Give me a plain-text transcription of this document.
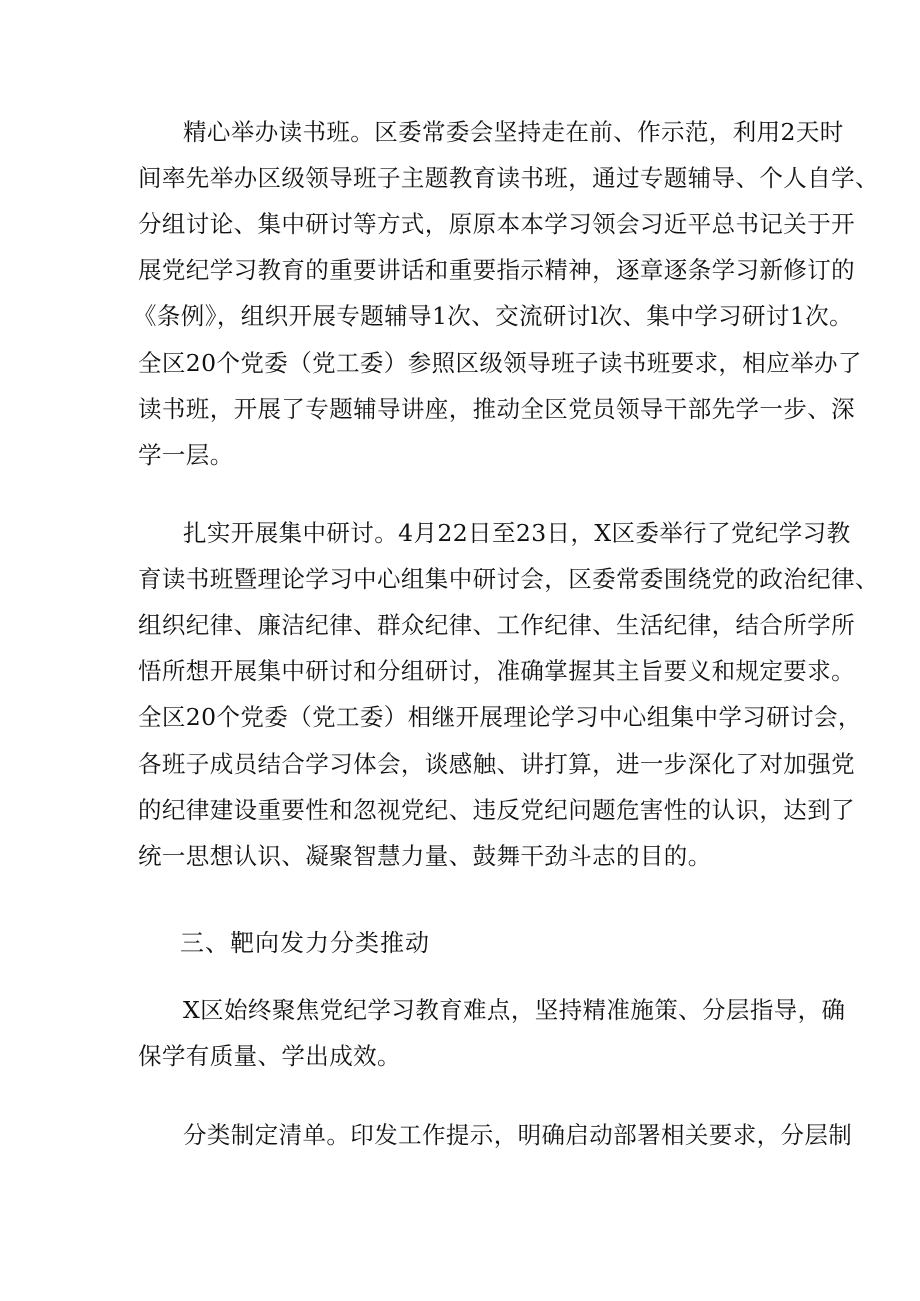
精心举办读书班。区委常委会坚持走在前、作示范，利用2天时
间率先举办区级领导班子主题教育读书班，通过专题辅导、个人自学、
分组讨论、集中研讨等方式，原原本本学习领会习近平总书记关于开
展党纪学习教育的重要讲话和重要指示精神，逐章逐条学习新修订的
《条例》，组织开展专题辅导1次、交流研讨l次、集中学习研讨1次。
全区20个党委（党工委）参照区级领导班子读书班要求，相应举办了
读书班，开展了专题辅导讲座，推动全区党员领导干部先学一步、深
学一层。
扎实开展集中研讨。4月22日至23日，X区委举行了党纪学习教
育读书班暨理论学习中心组集中研讨会，区委常委围绕党的政治纪律、
组织纪律、廉洁纪律、群众纪律、工作纪律、生活纪律，结合所学所
悟所想开展集中研讨和分组研讨，准确掌握其主旨要义和规定要求。
全区20个党委（党工委）相继开展理论学习中心组集中学习研讨会，
各班子成员结合学习体会，谈感触、讲打算，进一步深化了对加强党
的纪律建设重要性和忽视党纪、违反党纪问题危害性的认识，达到了
统一思想认识、凝聚智慧力量、鼓舞干劲斗志的目的。
三、靶向发力分类推动
X区始终聚焦党纪学习教育难点，坚持精准施策、分层指导，确
保学有质量、学出成效。
分类制定清单。印发工作提示，明确启动部署相关要求，分层制
